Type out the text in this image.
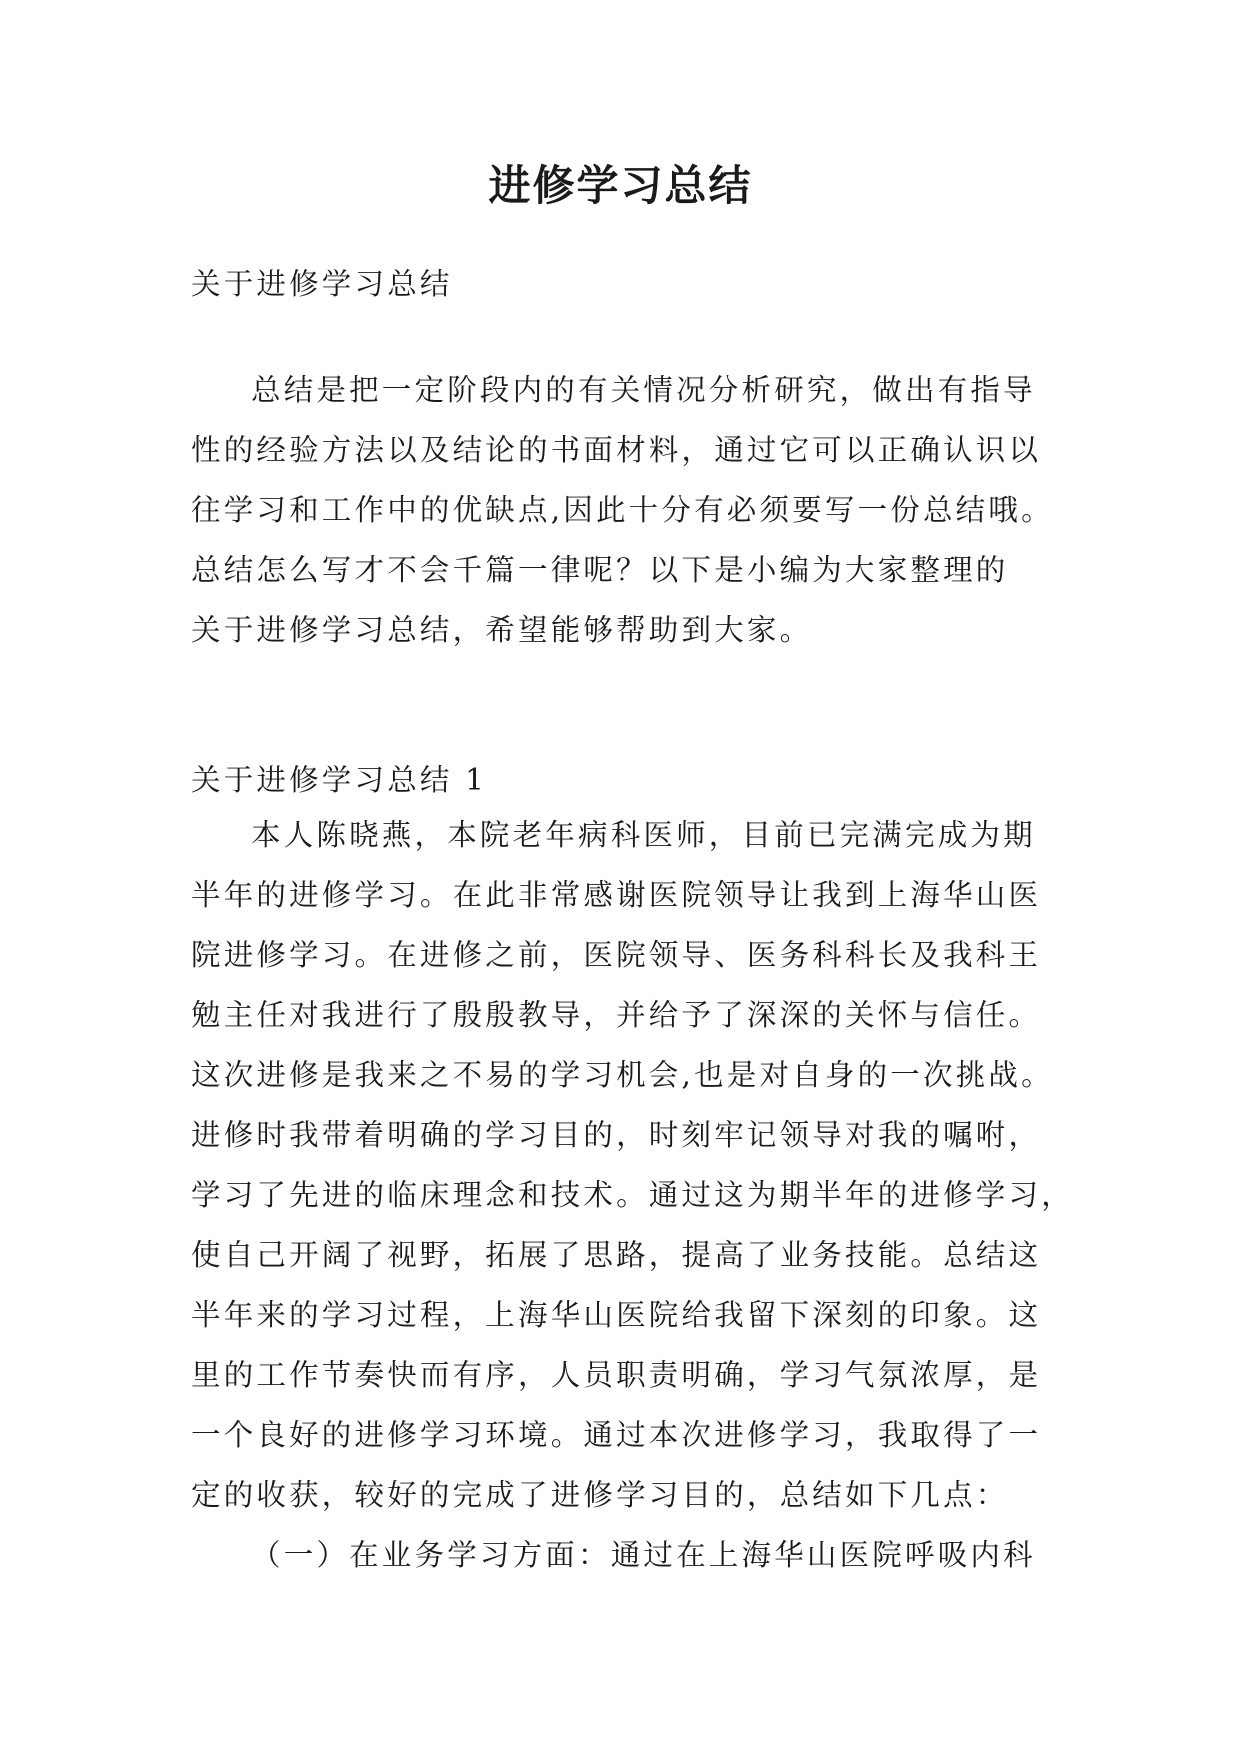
进修学习总结
关于进修学习总结
总结是把一定阶段内的有关情况分析研究，做出有指导
性的经验方法以及结论的书面材料，通过它可以正确认识以
往学习和工作中的优缺点,因此十分有必须要写一份总结哦。
总结怎么写才不会千篇一律呢？以下是小编为大家整理的
关于进修学习总结，希望能够帮助到大家。
关于进修学习总结 1
本人陈晓燕，本院老年病科医师，目前已完满完成为期
半年的进修学习。在此非常感谢医院领导让我到上海华山医
院进修学习。在进修之前，医院领导、医务科科长及我科王
勉主任对我进行了殷殷教导，并给予了深深的关怀与信任。
这次进修是我来之不易的学习机会,也是对自身的一次挑战。
进修时我带着明确的学习目的，时刻牢记领导对我的嘱咐，
学习了先进的临床理念和技术。通过这为期半年的进修学习，
使自己开阔了视野，拓展了思路，提高了业务技能。总结这
半年来的学习过程，上海华山医院给我留下深刻的印象。这
里的工作节奏快而有序，人员职责明确，学习气氛浓厚，是
一个良好的进修学习环境。通过本次进修学习，我取得了一
定的收获，较好的完成了进修学习目的，总结如下几点：
（一）在业务学习方面：通过在上海华山医院呼吸内科
